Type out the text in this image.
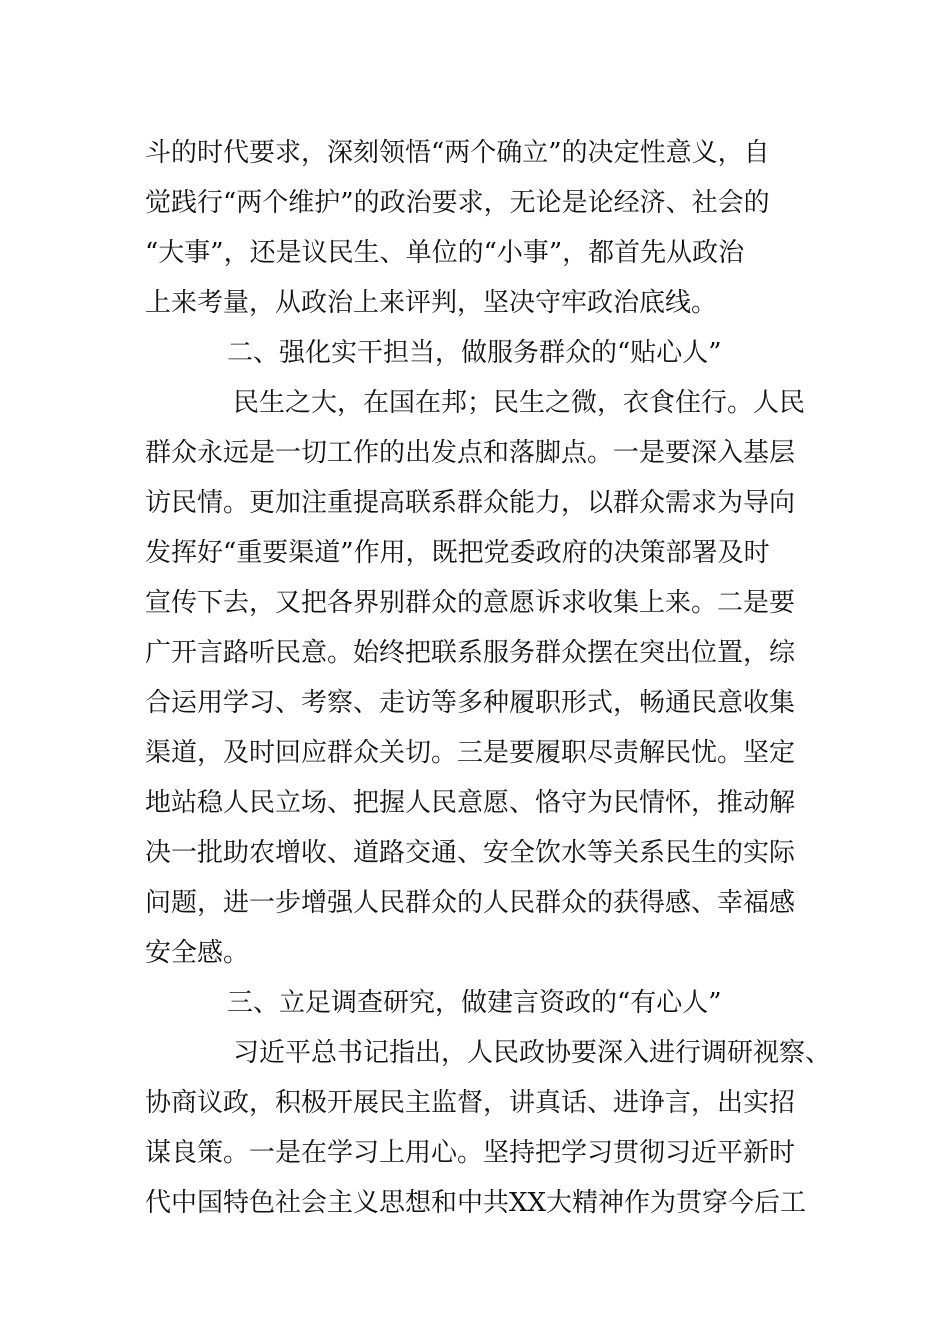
斗的时代要求，深刻领悟“两个确立”的决定性意义，自
觉践行“两个维护”的政治要求，无论是论经济、社会的
“大事”，还是议民生、单位的“小事”，都首先从政治
上来考量，从政治上来评判，坚决守牢政治底线。
二、强化实干担当，做服务群众的“贴心人”
民生之大，在国在邦；民生之微，衣食住行。人民
群众永远是一切工作的出发点和落脚点。一是要深入基层
访民情。更加注重提高联系群众能力，以群众需求为导向
发挥好“重要渠道”作用，既把党委政府的决策部署及时
宣传下去，又把各界别群众的意愿诉求收集上来。二是要
广开言路听民意。始终把联系服务群众摆在突出位置，综
合运用学习、考察、走访等多种履职形式，畅通民意收集
渠道，及时回应群众关切。三是要履职尽责解民忧。坚定
地站稳人民立场、把握人民意愿、恪守为民情怀，推动解
决一批助农增收、道路交通、安全饮水等关系民生的实际
问题，进一步增强人民群众的人民群众的获得感、幸福感
安全感。
三、立足调查研究，做建言资政的“有心人”
习近平总书记指出，人民政协要深入进行调研视察、
协商议政，积极开展民主监督，讲真话、进诤言，出实招
谋良策。一是在学习上用心。坚持把学习贯彻习近平新时
代中国特色社会主义思想和中共XX大精神作为贯穿今后工
